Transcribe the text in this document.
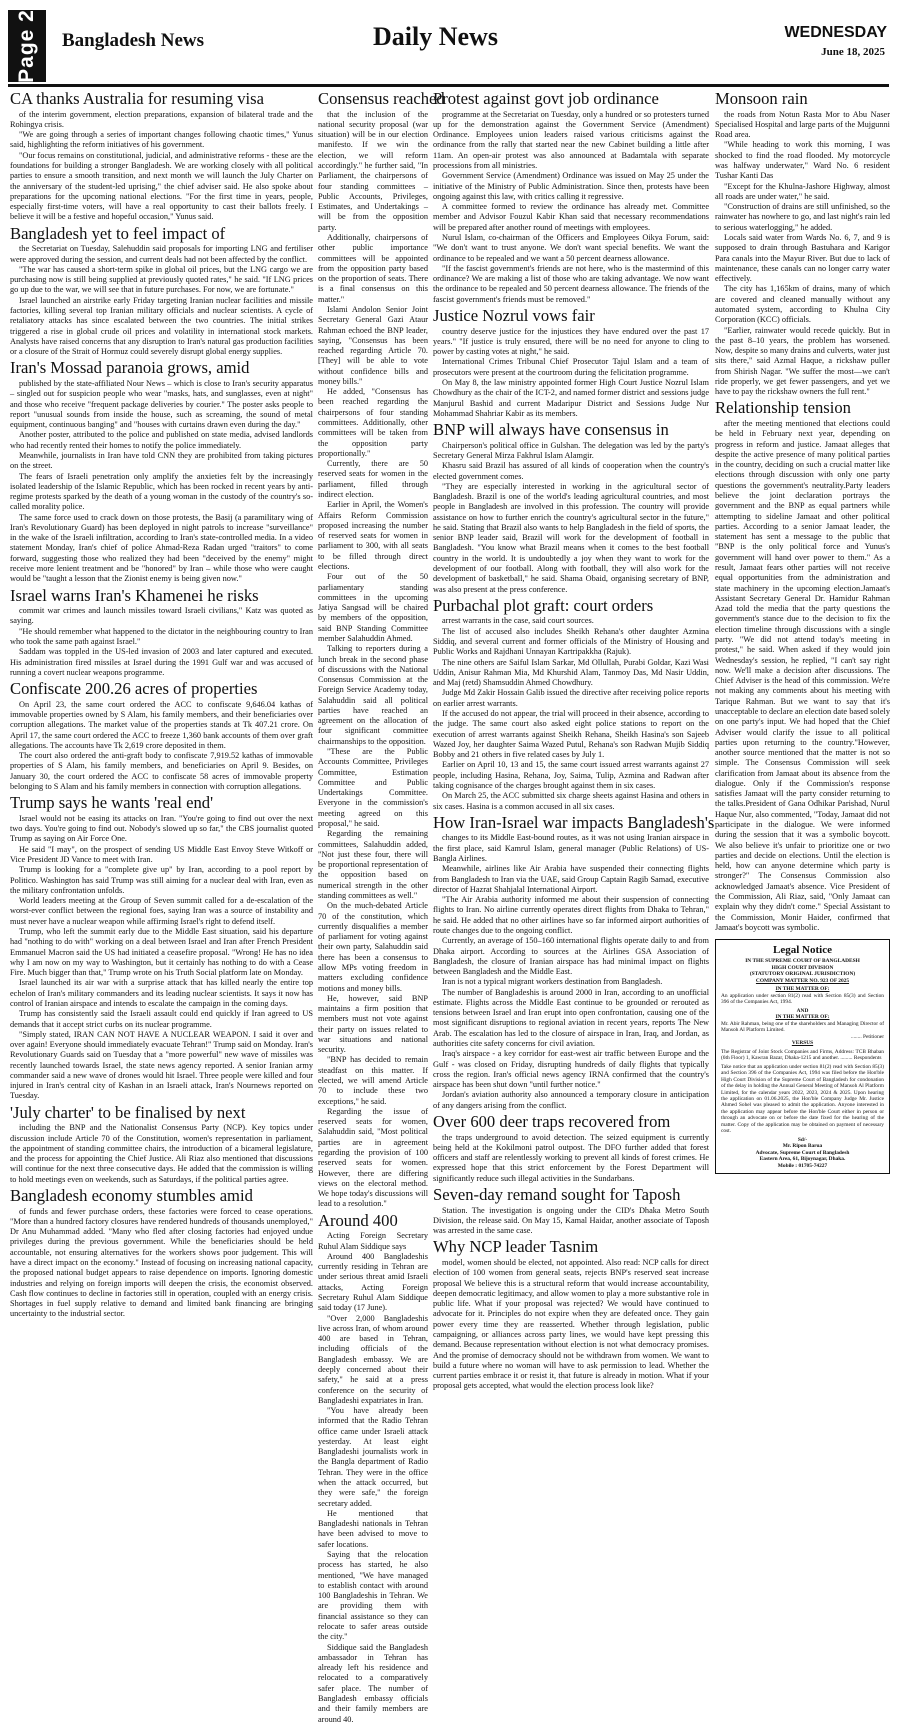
Page 2 Bangladesh News	Daily News	WEDNESDAY
June 18, 2025
CA thanks Australia for resuming visa

of the interim government, election preparations, expansion of bilateral trade and the Rohingya crisis.

"We are going through a series of important changes following chaotic times," Yunus said, highlighting the reform initiatives of his government.

"Our focus remains on constitutional, judicial, and administrative reforms - these are the foundations for building a stronger Bangladesh. We are working closely with all political parties to ensure a smooth transition, and next month we will launch the July Charter on the anniversary of the student-led uprising," the chief adviser said. He also spoke about preparations for the upcoming national elections. "For the first time in years, people, especially first-time voters, will have a real opportunity to cast their ballots freely. I believe it will be a festive and hopeful occasion," Yunus said.

Bangladesh yet to feel impact of

the Secretariat on Tuesday, Salehuddin said proposals for importing LNG and fertiliser were approved during the session, and current deals had not been affected by the conflict.

"The war has caused a short-term spike in global oil prices, but the LNG cargo we are purchasing now is still being supplied at previously quoted rates," he said. "If LNG prices go up due to the war, we will see that in future purchases. For now, we are fortunate."

Israel launched an airstrike early Friday targeting Iranian nuclear facilities and missile factories, killing several top Iranian military officials and nuclear scientists. A cycle of retaliatory attacks has since escalated between the two countries. The initial strikes triggered a rise in global crude oil prices and volatility in international stock markets. Analysts have raised concerns that any disruption to Iran's natural gas production facilities or a closure of the Strait of Hormuz could severely disrupt global energy supplies.

Iran's Mossad paranoia grows, amid

published by the state-affiliated Nour News – which is close to Iran's security apparatus – singled out for suspicion people who wear "masks, hats, and sunglasses, even at night" and those who receive "frequent package deliveries by courier." The poster asks people to report "unusual sounds from inside the house, such as screaming, the sound of metal equipment, continuous banging" and "houses with curtains drawn even during the day."

Another poster, attributed to the police and published on state media, advised landlords who had recently rented their homes to notify the police immediately.

Meanwhile, journalists in Iran have told CNN they are prohibited from taking pictures on the street.

The fears of Israeli penetration only amplify the anxieties felt by the increasingly isolated leadership of the Islamic Republic, which has been rocked in recent years by anti-regime protests sparked by the death of a young woman in the custody of the country's so-called morality police.

The same force used to crack down on those protests, the Basij (a paramilitary wing of Iran's Revolutionary Guard) has been deployed in night patrols to increase "surveillance" in the wake of the Israeli infiltration, according to Iran's state-controlled media. In a video statement Monday, Iran's chief of police Ahmad-Reza Radan urged "traitors" to come forward, suggesting those who realized they had been "deceived by the enemy" might receive more lenient treatment and be "honored" by Iran – while those who were caught would be "taught a lesson that the Zionist enemy is being given now."

Israel warns Iran's Khamenei he risks

commit war crimes and launch missiles toward Israeli civilians," Katz was quoted as saying.

"He should remember what happened to the dictator in the neighbouring country to Iran who took the same path against Israel."

Saddam was toppled in the US-led invasion of 2003 and later captured and executed. His administration fired missiles at Israel during the 1991 Gulf war and was accused of running a covert nuclear weapons programme.

Confiscate 200.26 acres of properties

On April 23, the same court ordered the ACC to confiscate 9,646.04 kathas of immovable properties owned by S Alam, his family members, and their beneficiaries over corruption allegations. The market value of the properties stands at Tk 407.21 crore. On April 17, the same court ordered the ACC to freeze 1,360 bank accounts of them over graft allegations. The accounts have Tk 2,619 crore deposited in them.

The court also ordered the anti-graft body to confiscate 7,919.52 kathas of immovable properties of S Alam, his family members, and beneficiaries on April 9. Besides, on January 30, the court ordered the ACC to confiscate 58 acres of immovable property belonging to S Alam and his family members in connection with corruption allegations.

Trump says he wants 'real end'

Israel would not be easing its attacks on Iran. "You're going to find out over the next two days. You're going to find out. Nobody's slowed up so far," the CBS journalist quoted Trump as saying on Air Force One.

He said "I may", on the prospect of sending US Middle East Envoy Steve Witkoff or Vice President JD Vance to meet with Iran.

Trump is looking for a "complete give up" by Iran, according to a pool report by Politico. Washington has said Trump was still aiming for a nuclear deal with Iran, even as the military confrontation unfolds.

World leaders meeting at the Group of Seven summit called for a de-escalation of the worst-ever conflict between the regional foes, saying Iran was a source of instability and must never have a nuclear weapon while affirming Israel's right to defend itself.

Trump, who left the summit early due to the Middle East situation, said his departure had "nothing to do with" working on a deal between Israel and Iran after French President Emmanuel Macron said the US had initiated a ceasefire proposal. "Wrong! He has no idea why I am now on my way to Washington, but it certainly has nothing to do with a Cease Fire. Much bigger than that," Trump wrote on his Truth Social platform late on Monday.

Israel launched its air war with a surprise attack that has killed nearly the entire top echelon of Iran's military commanders and its leading nuclear scientists. It says it now has control of Iranian airspace and intends to escalate the campaign in the coming days.

Trump has consistently said the Israeli assault could end quickly if Iran agreed to US demands that it accept strict curbs on its nuclear programme.

"Simply stated, IRAN CAN NOT HAVE A NUCLEAR WEAPON. I said it over and over again! Everyone should immediately evacuate Tehran!" Trump said on Monday. Iran's Revolutionary Guards said on Tuesday that a "more powerful" new wave of missiles was recently launched towards Israel, the state news agency reported. A senior Iranian army commander said a new wave of drones would hit Israel. Three people were killed and four injured in Iran's central city of Kashan in an Israeli attack, Iran's Nournews reported on Tuesday.

'July charter' to be finalised by next

including the BNP and the Nationalist Consensus Party (NCP). Key topics under discussion include Article 70 of the Constitution, women's representation in parliament, the appointment of standing committee chairs, the introduction of a bicameral legislature, and the process for appointing the Chief Justice. Ali Riaz also mentioned that discussions will continue for the next three consecutive days. He added that the commission is willing to hold meetings even on weekends, such as Saturdays, if the political parties agree.

Bangladesh economy stumbles amid

of funds and fewer purchase orders, these factories were forced to cease operations. "More than a hundred factory closures have rendered hundreds of thousands unemployed," Dr Anu Muhammad added. "Many who fled after closing factories had enjoyed undue privileges during the previous government. While the beneficiaries should be held accountable, not ensuring alternatives for the workers shows poor judgement. This will have a direct impact on the economy." Instead of focusing on increasing national capacity, the proposed national budget appears to raise dependence on imports. Ignoring domestic industries and relying on foreign imports will deepen the crisis, the economist observed. Cash flow continues to decline in factories still in operation, coupled with an energy crisis. Shortages in fuel supply relative to demand and limited bank financing are bringing uncertainty to the industrial sector.

Consensus reached

that the inclusion of the national security proposal (war situation) will be in our election manifesto. If we win the election, we will reform accordingly." he further said, "In Parliament, the chairpersons of four standing committees – Public Accounts, Privileges, Estimates, and Undertakings – will be from the opposition party.

Additionally, chairpersons of other public importance committees will be appointed from the opposition party based on the proportion of seats. There is a final consensus on this matter."

Islami Andolon Senior Joint Secretary General Gazi Ataur Rahman echoed the BNP leader, saying, "Consensus has been reached regarding Article 70. [They] will be able to vote without confidence bills and money bills."

He added, "Consensus has been reached regarding the chairpersons of four standing committees. Additionally, other committees will be taken from the opposition party proportionally."

Currently, there are 50 reserved seats for women in the parliament, filled through indirect election.

Earlier in April, the Women's Affairs Reform Commission proposed increasing the number of reserved seats for women in parliament to 300, with all seats to be filled through direct elections.

Four out of the 50 parliamentary standing committees in the upcoming Jatiya Sangsad will be chaired by members of the opposition, said BNP Standing Committee member Salahuddin Ahmed.

Talking to reporters during a lunch break in the second phase of discussions with the National Consensus Commission at the Foreign Service Academy today, Salahuddin said all political parties have reached an agreement on the allocation of four significant committee chairmanships to the opposition.

"These are the Public Accounts Committee, Privileges Committee, Estimation Committee and Public Undertakings Committee. Everyone in the commission's meeting agreed on this proposal," he said.

Regarding the remaining committees, Salahuddin added, "Not just these four, there will be proportional representation of the opposition based on numerical strength in the other standing committees as well."

On the much-debated Article 70 of the constitution, which currently disqualifies a member of parliament for voting against their own party, Salahuddin said there has been a consensus to allow MPs voting freedom in matters excluding confidence motions and money bills.

He, however, said BNP maintains a firm position that members must not vote against their party on issues related to war situations and national security.

"BNP has decided to remain steadfast on this matter. If elected, we will amend Article 70 to include these two exceptions," he said.

Regarding the issue of reserved seats for women, Salahuddin said, "Most political parties are in agreement regarding the provision of 100 reserved seats for women. However, there are differing views on the electoral method. We hope today's discussions will lead to a resolution."

Around 400

Acting Foreign Secretary Ruhul Alam Siddique says

Around 400 Bangladeshis currently residing in Tehran are under serious threat amid Israeli attacks, Acting Foreign Secretary Ruhul Alam Siddique said today (17 June).

"Over 2,000 Bangladeshis live across Iran, of whom around 400 are based in Tehran, including officials of the Bangladesh embassy. We are deeply concerned about their safety," he said at a press conference on the security of Bangladeshi expatriates in Iran.

"You have already been informed that the Radio Tehran office came under Israeli attack yesterday. At least eight Bangladeshi journalists work in the Bangla department of Radio Tehran. They were in the office when the attack occurred, but they were safe," the foreign secretary added.

He mentioned that Bangladeshi nationals in Tehran have been advised to move to safer locations.

Saying that the relocation process has started, he also mentioned, "We have managed to establish contact with around 100 Bangladeshis in Tehran. We are providing them with financial assistance so they can relocate to safer areas outside the city."

Siddique said the Bangladesh ambassador in Tehran has already left his residence and relocated to a comparatively safer place. The number of Bangladesh embassy officials and their family members are around 40.

Protest against govt job ordinance

programme at the Secretariat on Tuesday, only a hundred or so protesters turned up for the demonstration against the Government Service (Amendment) Ordinance. Employees union leaders raised various criticisms against the ordinance from the rally that started near the new Cabinet building a little after 11am. An open-air protest was also announced at Badamtala with separate processions from all ministries.

Government Service (Amendment) Ordinance was issued on May 25 under the initiative of the Ministry of Public Administration. Since then, protests have been ongoing against this law, with critics calling it regressive.

A committee formed to review the ordinance has already met. Committee member and Advisor Fouzul Kabir Khan said that necessary recommendations will be prepared after another round of meetings with employees.

Nurul Islam, co-chairman of the Officers and Employees Oikya Forum, said: "We don't want to trust anyone. We don't want special benefits. We want the ordinance to be repealed and we want a 50 percent dearness allowance.

"If the fascist government's friends are not here, who is the mastermind of this ordinance? We are making a list of those who are taking advantage. We now want the ordinance to be repealed and 50 percent dearness allowance. The friends of the fascist government's friends must be removed."

Justice Nozrul vows fair

country deserve justice for the injustices they have endured over the past 17 years." "If justice is truly ensured, there will be no need for anyone to cling to power by casting votes at night," he said.

International Crimes Tribunal Chief Prosecutor Tajul Islam and a team of prosecutors were present at the courtroom during the felicitation programme.

On May 8, the law ministry appointed former High Court Justice Nozrul Islam Chowdhury as the chair of the ICT-2, and named former district and sessions judge Manjurul Bashid and current Madaripur District and Sessions Judge Nur Mohammad Shahriar Kabir as its members.

BNP will always have consensus in

Chairperson's political office in Gulshan. The delegation was led by the party's Secretary General Mirza Fakhrul Islam Alamgir.

Khasru said Brazil has assured of all kinds of cooperation when the country's elected government comes.

"They are especially interested in working in the agricultural sector of Bangladesh. Brazil is one of the world's leading agricultural countries, and most people in Bangladesh are involved in this profession. The country will provide assistance on how to further enrich the country's agricultural sector in the future," he said. Stating that Brazil also wants to help Bangladesh in the field of sports, the senior BNP leader said, Brazil will work for the development of football in Bangladesh. "You know what Brazil means when it comes to the best football country in the world. It is undoubtedly a joy when they want to work for the development of our football. Along with football, they will also work for the development of basketball," he said. Shama Obaid, organising secretary of BNP, was also present at the press conference.

Purbachal plot graft: court orders

arrest warrants in the case, said court sources.

The list of accused also includes Sheikh Rehana's other daughter Azmina Siddiq, and several current and former officials of the Ministry of Housing and Public Works and Rajdhani Unnayan Kartripakkha (Rajuk).

The nine others are Saiful Islam Sarkar, Md Ollullah, Purabi Goldar, Kazi Wasi Uddin, Anisur Rahman Mia, Md Khurshid Alam, Tanmoy Das, Md Nasir Uddin, and Maj (retd) Shamsuddin Ahmed Chowdhury.

Judge Md Zakir Hossain Galib issued the directive after receiving police reports on earlier arrest warrants.

If the accused do not appear, the trial will proceed in their absence, according to the judge. The same court also asked eight police stations to report on the execution of arrest warrants against Sheikh Rehana, Sheikh Hasina's son Sajeeb Wazed Joy, her daughter Saima Wazed Putul, Rehana's son Radwan Mujib Siddiq Bobby and 21 others in five related cases by July 1.

Earlier on April 10, 13 and 15, the same court issued arrest warrants against 27 people, including Hasina, Rehana, Joy, Saima, Tulip, Azmina and Radwan after taking cognisance of the charges brought against them in six cases.

On March 25, the ACC submitted six charge sheets against Hasina and others in six cases. Hasina is a common accused in all six cases.

How Iran-Israel war impacts Bangladesh's

changes to its Middle East-bound routes, as it was not using Iranian airspace in the first place, said Kamrul Islam, general manager (Public Relations) of US-Bangla Airlines.

Meanwhile, airlines like Air Arabia have suspended their connecting flights from Bangladesh to Iran via the UAE, said Group Captain Ragib Samad, executive director of Hazrat Shahjalal International Airport.

"The Air Arabia authority informed me about their suspension of connecting flights to Iran. No airline currently operates direct flights from Dhaka to Tehran," he said. He added that no other airlines have so far informed airport authorities of route changes due to the ongoing conflict.

Currently, an average of 150–160 international flights operate daily to and from Dhaka airport. According to sources at the Airlines GSA Association of Bangladesh, the closure of Iranian airspace has had minimal impact on flights between Bangladesh and the Middle East.

Iran is not a typical migrant workers destination from Bangladesh.

The number of Bangladeshis is around 2000 in Iran, according to an unofficial estimate. Flights across the Middle East continue to be grounded or rerouted as tensions between Israel and Iran erupt into open confrontation, causing one of the most significant disruptions to regional aviation in recent years, reports The New Arab. The escalation has led to the closure of airspace in Iran, Iraq, and Jordan, as authorities cite safety concerns for civil aviation.

Iraq's airspace - a key corridor for east-west air traffic between Europe and the Gulf - was closed on Friday, disrupting hundreds of daily flights that typically cross the region. Iran's official news agency IRNA confirmed that the country's airspace has been shut down "until further notice."

Jordan's aviation authority also announced a temporary closure in anticipation of any dangers arising from the conflict.

Over 600 deer traps recovered from

the traps underground to avoid detection. The seized equipment is currently being held at the Kokilmoni patrol outpost. The DFO further added that forest officers and staff are relentlessly working to prevent all kinds of forest crimes. He expressed hope that this strict enforcement by the Forest Department will significantly reduce such illegal activities in the Sundarbans.

Seven-day remand sought for Taposh

Station. The investigation is ongoing under the CID's Dhaka Metro South Division, the release said. On May 15, Kamal Haidar, another associate of Taposh was arrested in the same case.

Why NCP leader Tasnim

model, women should be elected, not appointed. Also read: NCP calls for direct election of 100 women from general seats, rejects BNP's reserved seat increase proposal We believe this is a structural reform that would increase accountability, deepen democratic legitimacy, and allow women to play a more substantive role in public life. What if your proposal was rejected? We would have continued to advocate for it. Principles do not expire when they are defeated once. They gain power every time they are reasserted. Whether through legislation, public campaigning, or alliances across party lines, we would have kept pressing this demand. Because representation without election is not what democracy promises. And the promise of democracy should not be withdrawn from women. We want to build a future where no woman will have to ask permission to lead. Whether the current parties embrace it or resist it, that future is already in motion. What if your proposal gets accepted, what would the election process look like?

Monsoon rain

the roads from Notun Rasta Mor to Abu Naser Specialised Hospital and large parts of the Mujgunni Road area.

"While heading to work this morning, I was shocked to find the road flooded. My motorcycle was halfway underwater," Ward No. 6 resident Tushar Kanti Das

"Except for the Khulna-Jashore Highway, almost all roads are under water," he said.

"Construction of drains are still unfinished, so the rainwater has nowhere to go, and last night's rain led to serious waterlogging," he added.

Locals said water from Wards No. 6, 7, and 9 is supposed to drain through Bastuhara and Karigor Para canals into the Mayur River. But due to lack of maintenance, these canals can no longer carry water effectively.

The city has 1,165km of drains, many of which are covered and cleaned manually without any automated system, according to Khulna City Corporation (KCC) officials.

"Earlier, rainwater would recede quickly. But in the past 8–10 years, the problem has worsened. Now, despite so many drains and culverts, water just sits there," said Azmal Haque, a rickshaw puller from Shirish Nagar. "We suffer the most—we can't ride properly, we get fewer passengers, and yet we have to pay the rickshaw owners the full rent."

Relationship tension

after the meeting mentioned that elections could be held in February next year, depending on progress in reform and justice. Jamaat alleges that despite the active presence of many political parties in the country, deciding on such a crucial matter like elections through discussion with only one party questions the government's neutrality.Party leaders believe the joint declaration portrays the government and the BNP as equal partners while attempting to sideline Jamaat and other political parties. According to a senior Jamaat leader, the statement has sent a message to the public that "BNP is the only political force and Yunus's government will hand over power to them." As a result, Jamaat fears other parties will not receive equal opportunities from the administration and state machinery in the upcoming election.Jamaat's Assistant Secretary General Dr. Hamidur Rahman Azad told the media that the party questions the government's stance due to the decision to fix the election timeline through discussions with a single party. "We did not attend today's meeting in protest," he said. When asked if they would join Wednesday's session, he replied, "I can't say right now. We'll make a decision after discussions. The Chief Adviser is the head of this commission. We're not making any comments about his meeting with Tarique Rahman. But we want to say that it's unacceptable to declare an election date based solely on one party's input. We had hoped that the Chief Adviser would clarify the issue to all political parties upon returning to the country."However, another source mentioned that the matter is not so simple. The Consensus Commission will seek clarification from Jamaat about its absence from the dialogue. Only if the Commission's response satisfies Jamaat will the party consider returning to the talks.President of Gana Odhikar Parishad, Nurul Haque Nur, also commented, "Today, Jamaat did not participate in the dialogue. We were informed during the session that it was a symbolic boycott. We also believe it's unfair to prioritize one or two parties and decide on elections. Until the election is held, how can anyone determine which party is stronger?" The Consensus Commission also acknowledged Jamaat's absence. Vice President of the Commission, Ali Riaz, said, "Only Jamaat can explain why they didn't come." Special Assistant to the Commission, Monir Haider, confirmed that Jamaat's boycott was symbolic.

Legal Notice
IN THE SUPREME COURT OF BANGLADESH
HIGH COURT DIVISION
(STATUTORY ORIGINAL JURISDICTION)
COMPANY MATTER NO. 923 OF 2025
IN THE MATTER OF:
An application under section 81(2) read with Section 85(3) and Section 396 of the Companies Act, 1994.
AND
IN THE MATTER OF:
Mr. Abir Rahman, being one of the shareholders and Managing Director of Mansoh Al Platform Limited.
........ Petitioner
VERSUS
The Registrar of Joint Stock Companies and Firms, Address: TCB Bhaban (6th Floor) 1, Kawran Bazar, Dhaka-1215 and another. ......... Respondents
Take notice that an application under section 81(2) read with Section 85(3) and Section 396 of the Companies Act, 1994 was filed before the Hon'ble High Court Division of the Supreme Court of Bangladesh for condonation of the delay in holding the Annual General Meeting of Mansoh Al Platform Limited, for the calendar years 2022, 2023, 2024 & 2025. Upon hearing the application on 01.06.2025, the Hon'ble Company Judge Mr. Justice Ahmed Sohel was pleased to admit the application. Anyone interested in the application may appear before the Hon'ble Court either in person or through an advocate on or before the date fixed for the hearing of the matter. Copy of the application may be obtained on payment of necessary cost.
Sd/-
Mr. Ripon Barua
Advocate, Supreme Court of Bangladesh
Eastern Area, 61, Bijoynagar, Dhaka.
Mobile : 01705-74227
